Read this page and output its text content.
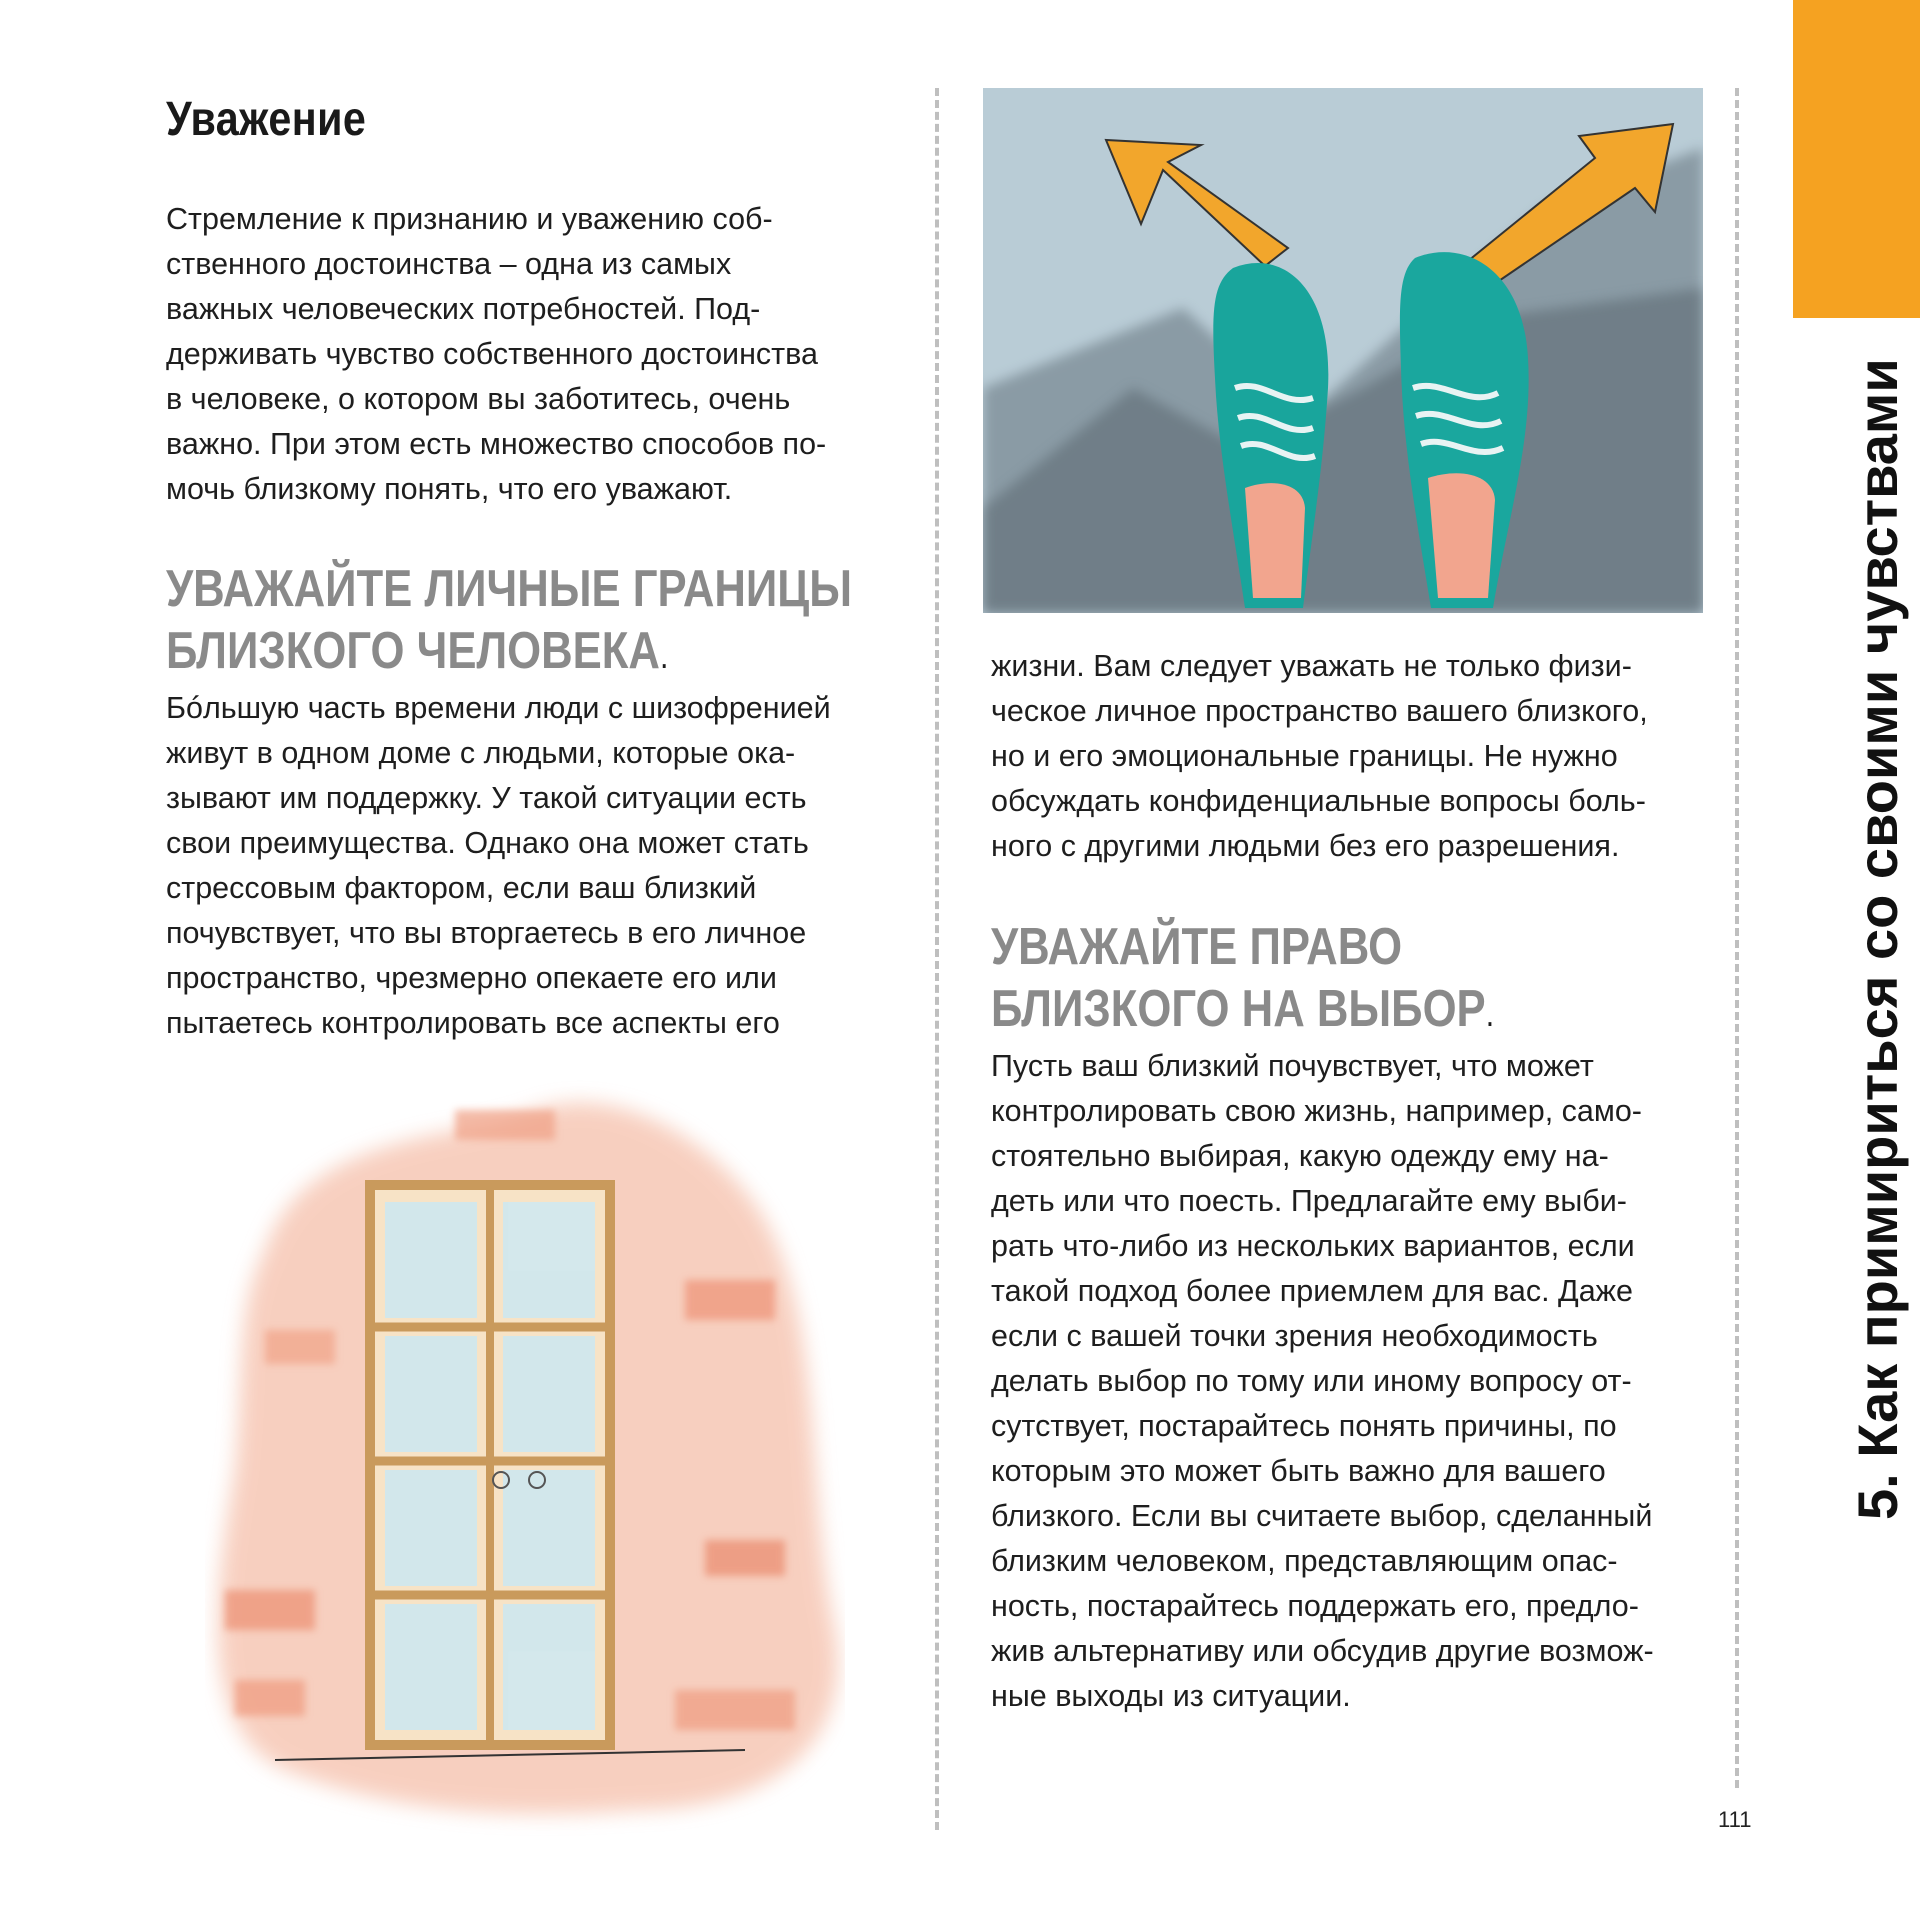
Уважение

Стремление к признанию и уважению соб-
ственного достоинства – одна из самых
важных человеческих потребностей. Под-
держивать чувство собственного достоинства
в человеке, о котором вы заботитесь, очень
важно. При этом есть множество способов по-
мочь близкому понять, что его уважают.

УВАЖАЙТЕ ЛИЧНЫЕ ГРАНИЦЫ
БЛИЗКОГО ЧЕЛОВЕКА.

Бóльшую часть времени люди с шизофренией
живут в одном доме с людьми, которые ока-
зывают им поддержку. У такой ситуации есть
свои преимущества. Однако она может стать
стрессовым фактором, если ваш близкий
почувствует, что вы вторгаетесь в его личное
пространство, чрезмерно опекаете его или
пытаетесь контролировать все аспекты его

жизни. Вам следует уважать не только физи-
ческое личное пространство вашего близкого,
но и его эмоциональные границы. Не нужно
обсуждать конфиденциальные вопросы боль-
ного с другими людьми без его разрешения.

УВАЖАЙТЕ ПРАВО
БЛИЗКОГО НА ВЫБОР.

Пусть ваш близкий почувствует, что может
контролировать свою жизнь, например, само-
стоятельно выбирая, какую одежду ему на-
деть или что поесть. Предлагайте ему выби-
рать что-либо из нескольких вариантов, если
такой подход более приемлем для вас. Даже
если с вашей точки зрения необходимость
делать выбор по тому или иному вопросу от-
сутствует, постарайтесь понять причины, по
которым это может быть важно для вашего
близкого. Если вы считаете выбор, сделанный
близким человеком, представляющим опас-
ность, постарайтесь поддержать его, предло-
жив альтернативу или обсудив другие возмож-
ные выходы из ситуации.

5. Как примириться со своими чувствами

111
